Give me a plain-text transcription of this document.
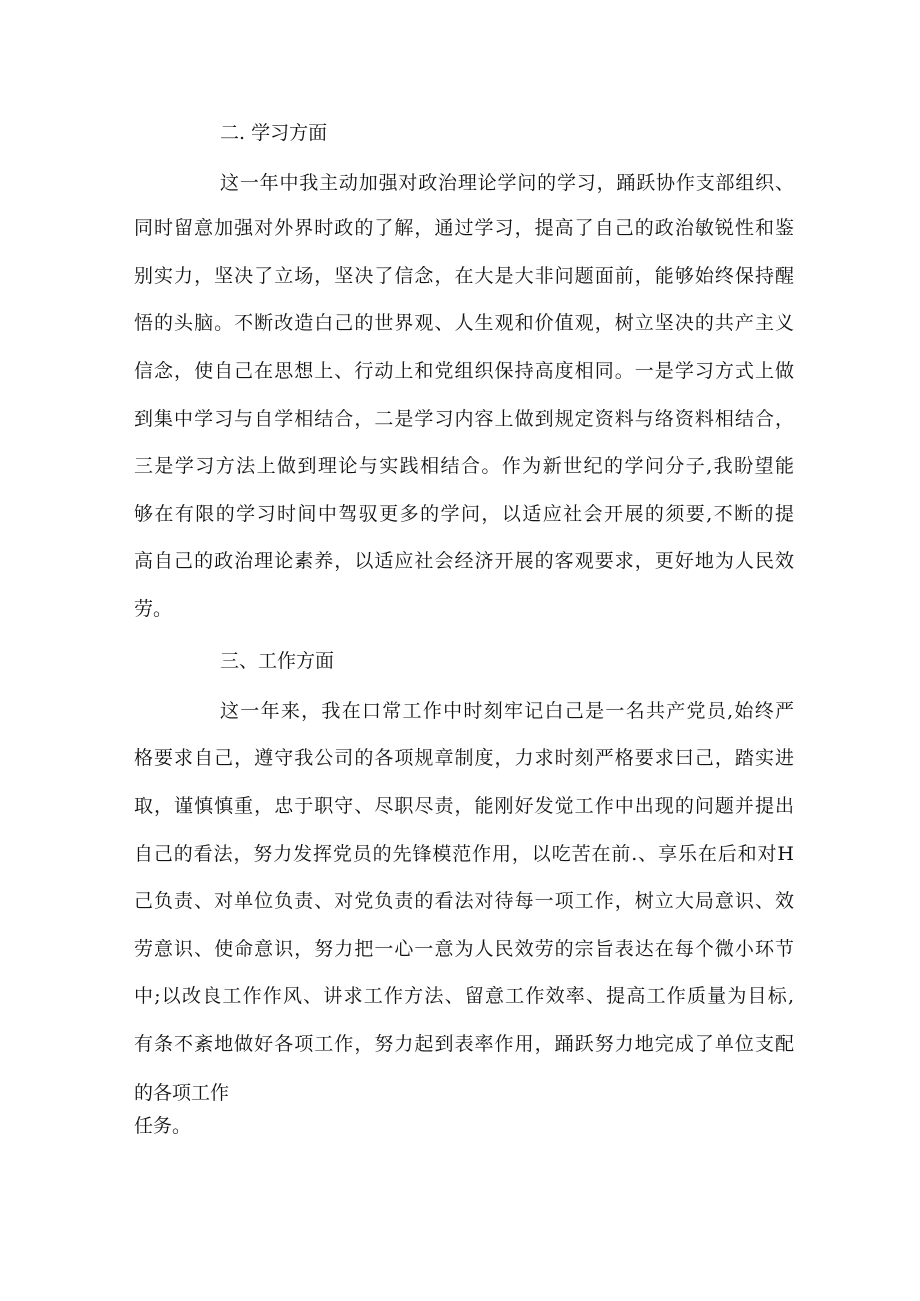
二. 学习方面
这一年中我主动加强对政治理论学问的学习，踊跃协作支部组织、
同时留意加强对外界时政的了解，通过学习，提高了自己的政治敏锐性和鉴
别实力，坚决了立场，坚决了信念，在大是大非问题面前，能够始终保持醒
悟的头脑。不断改造白己的世界观、人生观和价值观，树立坚决的共产主义
信念，使自己在思想上、行动上和党组织保持高度相同。一是学习方式上做
到集中学习与自学相结合，二是学习内容上做到规定资料与络资料相结合，
三是学习方法上做到理论与实践相结合。作为新世纪的学问分子,我盼望能
够在有限的学习时间中驾驭更多的学问，以适应社会开展的须要,不断的提
高自己的政治理论素养，以适应社会经济开展的客观要求，更好地为人民效
劳。
三、工作方面
这一年来，我在口常工作中时刻牢记白己是一名共产党员,始终严
格要求自己，遵守我公司的各项规章制度，力求时刻严格要求曰己，踏实进
取，谨慎慎重，忠于职守、尽职尽责，能刚好发觉工作中出现的问题并提出
自己的看法，努力发挥党员的先锋模范作用，以吃苦在前.、享乐在后和对H
己负责、对单位负责、对党负责的看法对待每一项工作，树立大局意识、效
劳意识、使命意识，努力把一心一意为人民效劳的宗旨表达在每个微小环节
中;以改良工作作风、讲求工作方法、留意工作效率、提高工作质量为目标,
有条不紊地做好各项工作，努力起到表率作用，踊跃努力地完成了单位支配
的各项工作
任务。
